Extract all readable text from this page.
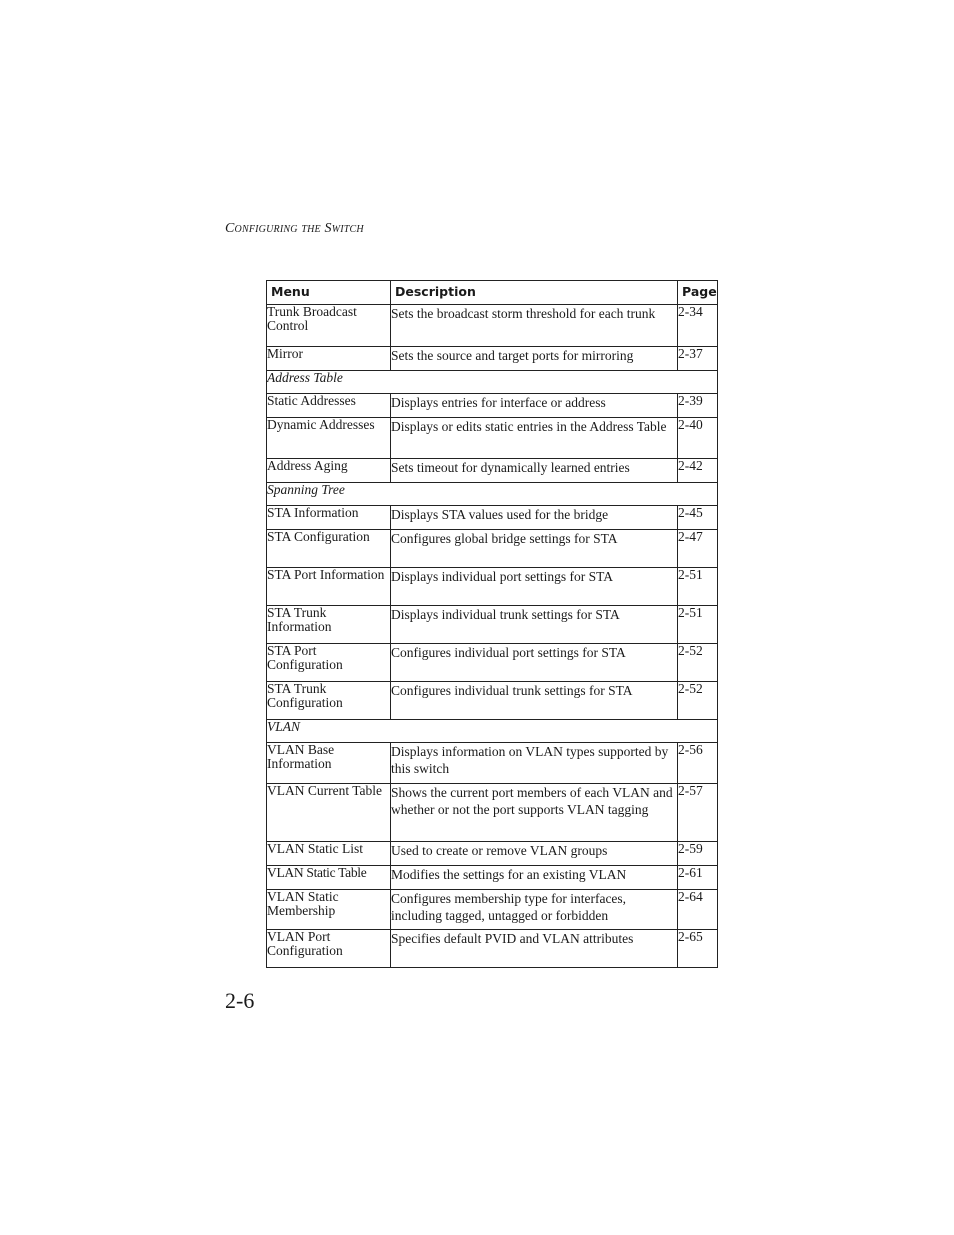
Configuring the Switch
Menu	Description	Page
Trunk Broadcast Control	Sets the broadcast storm threshold for each trunk	2-34
Mirror	Sets the source and target ports for mirroring	2-37
Address Table		
Static Addresses	Displays entries for interface or address	2-39
Dynamic Addresses	Displays or edits static entries in the Address Table	2-40
Address Aging	Sets timeout for dynamically learned entries	2-42
Spanning Tree		
STA Information	Displays STA values used for the bridge	2-45
STA Configuration	Configures global bridge settings for STA	2-47
STA Port Information	Displays individual port settings for STA	2-51
STA Trunk Information	Displays individual trunk settings for STA	2-51
STA Port Configuration	Configures individual port settings for STA	2-52
STA Trunk Configuration	Configures individual trunk settings for STA	2-52
VLAN		
VLAN Base Information	Displays information on VLAN types supported by this switch	2-56
VLAN Current Table	Shows the current port members of each VLAN and whether or not the port supports VLAN tagging	2-57
VLAN Static List	Used to create or remove VLAN groups	2-59
VLAN Static Table	Modifies the settings for an existing VLAN	2-61
VLAN Static Membership	Configures membership type for interfaces, including tagged, untagged or forbidden	2-64
VLAN Port Configuration	Specifies default PVID and VLAN attributes	2-65
2-6
